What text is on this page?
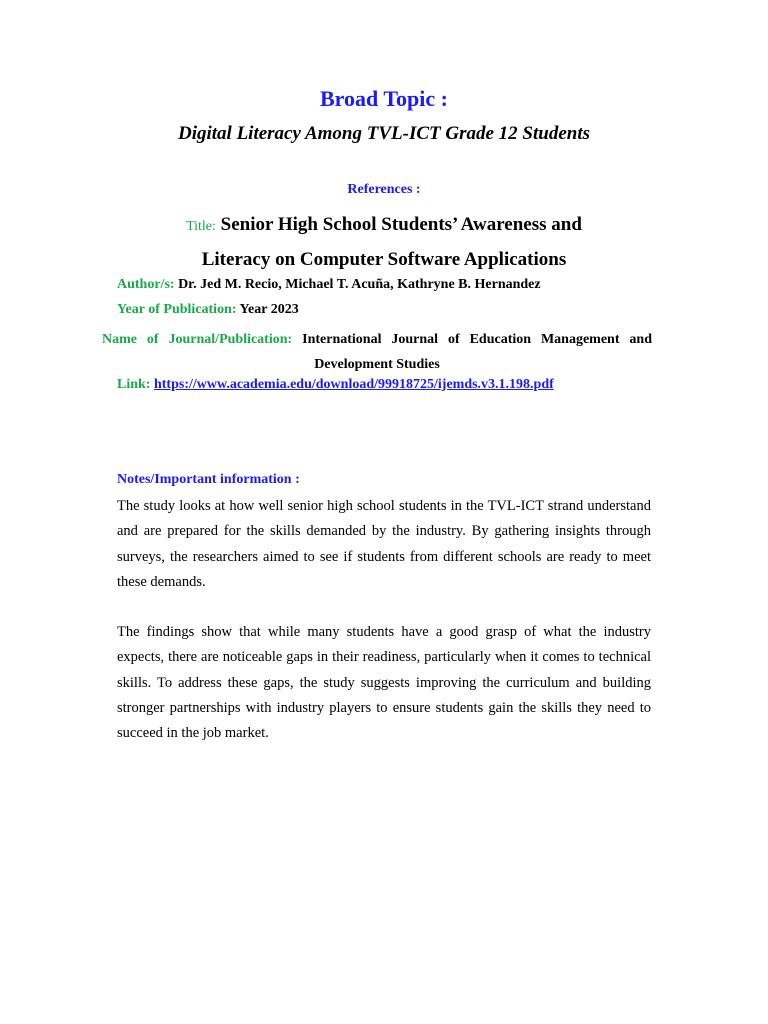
Broad Topic :
Digital Literacy Among TVL-ICT Grade 12 Students
References :
Title: Senior High School Students’ Awareness and
Literacy on Computer Software Applications
Author/s: Dr. Jed M. Recio, Michael T. Acuña, Kathryne B. Hernandez
Year of Publication: Year 2023
Name of Journal/Publication: International Journal of Education Management and Development Studies
Link: https://www.academia.edu/download/99918725/ijemds.v3.1.198.pdf
Notes/Important information :
The study looks at how well senior high school students in the TVL-ICT strand understand and are prepared for the skills demanded by the industry. By gathering insights through surveys, the researchers aimed to see if students from different schools are ready to meet these demands.
The findings show that while many students have a good grasp of what the industry expects, there are noticeable gaps in their readiness, particularly when it comes to technical skills. To address these gaps, the study suggests improving the curriculum and building stronger partnerships with industry players to ensure students gain the skills they need to succeed in the job market.
